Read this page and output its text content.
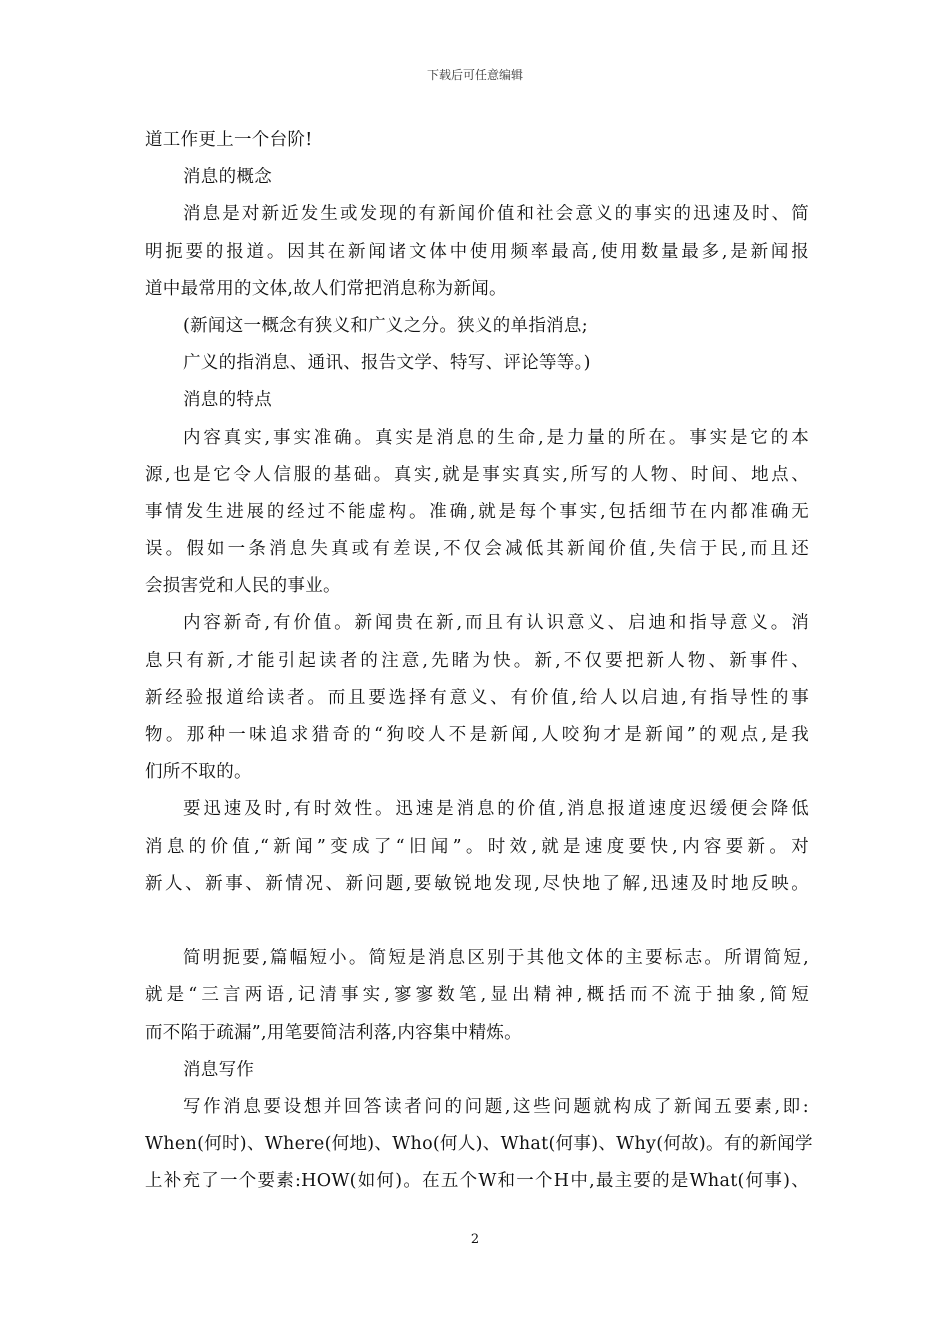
下载后可任意编辑
道工作更上一个台阶!
消息的概念
消息是对新近发生或发现的有新闻价值和社会意义的事实的迅速及时、简
明扼要的报道。因其在新闻诸文体中使用频率最高,使用数量最多,是新闻报
道中最常用的文体,故人们常把消息称为新闻。
(新闻这一概念有狭义和广义之分。狭义的单指消息;
广义的指消息、通讯、报告文学、特写、评论等等。)
消息的特点
内容真实,事实准确。真实是消息的生命,是力量的所在。事实是它的本
源,也是它令人信服的基础。真实,就是事实真实,所写的人物、时间、地点、
事情发生进展的经过不能虚构。准确,就是每个事实,包括细节在内都准确无
误。假如一条消息失真或有差误,不仅会减低其新闻价值,失信于民,而且还
会损害党和人民的事业。
内容新奇,有价值。新闻贵在新,而且有认识意义、启迪和指导意义。消
息只有新,才能引起读者的注意,先睹为快。新,不仅要把新人物、新事件、
新经验报道给读者。而且要选择有意义、有价值,给人以启迪,有指导性的事
物。那种一味追求猎奇的“狗咬人不是新闻,人咬狗才是新闻”的观点,是我
们所不取的。
要迅速及时,有时效性。迅速是消息的价值,消息报道速度迟缓便会降低
消息的价值,“新闻”变成了“旧闻”。时效,就是速度要快,内容要新。对
新人、新事、新情况、新问题,要敏锐地发现,尽快地了解,迅速及时地反映。
简明扼要,篇幅短小。简短是消息区别于其他文体的主要标志。所谓简短,
就是“三言两语,记清事实,寥寥数笔,显出精神,概括而不流于抽象,简短
而不陷于疏漏”,用笔要简洁利落,内容集中精炼。
消息写作
写作消息要设想并回答读者问的问题,这些问题就构成了新闻五要素,即:
When(何时)、Where(何地)、Who(何人)、What(何事)、Why(何故)。有的新闻学
上补充了一个要素:HOW(如何)。在五个W和一个H中,最主要的是What(何事)、
2
